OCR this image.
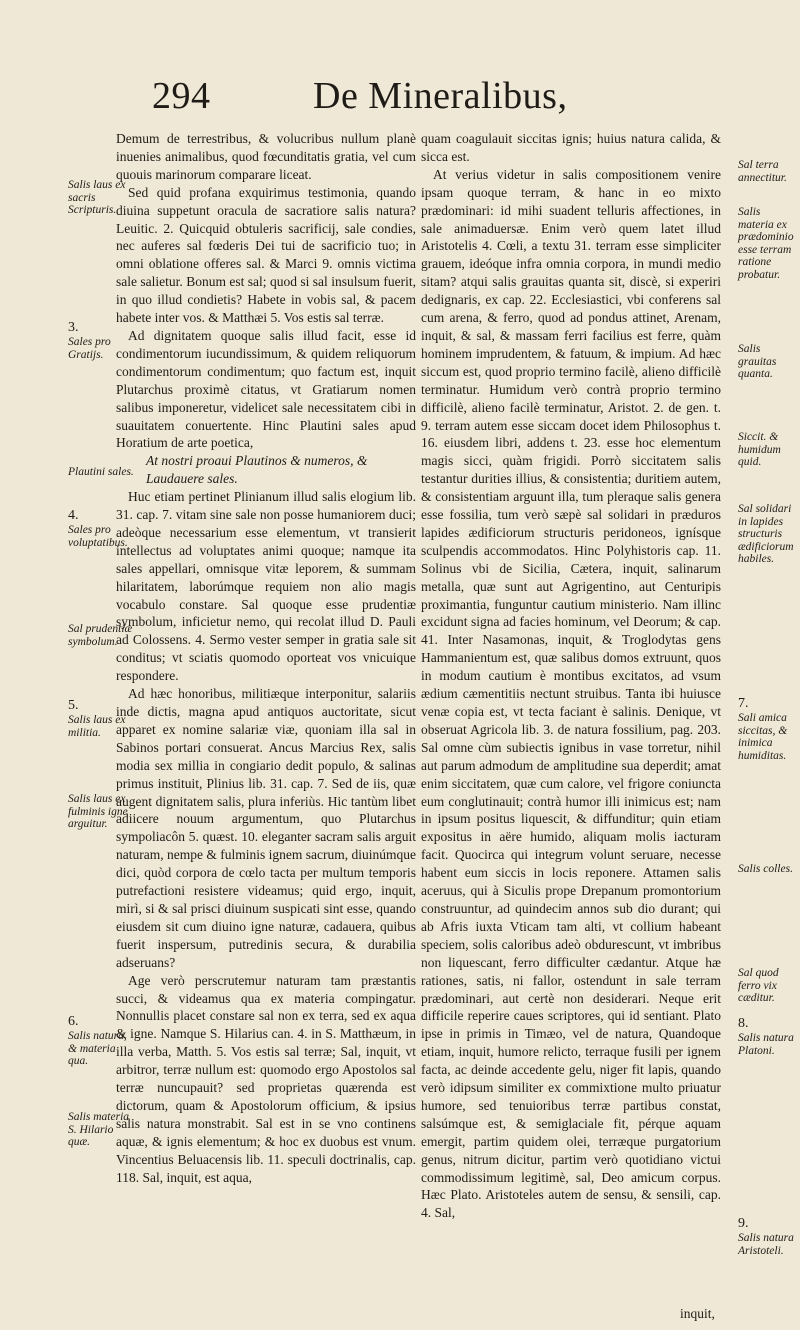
294	De Mineralibus,

Demum de terrestribus, & volucribus nullum planè inuenies animalibus, quod fœcunditatis gratia, vel cum quouis marinorum comparare liceat.

Sed quid profana exquirimus testimonia, quando diuina suppetunt oracula de sacratiore salis natura? Leuitic. 2. Quicquid obtuleris sacrificij, sale condies, nec auferes sal fœderis Dei tui de sacrificio tuo; in omni oblatione offeres sal. & Marci 9. omnis victima sale salietur. Bonum est sal; quod si sal insulsum fuerit, in quo illud condietis? Habete in vobis sal, & pacem habete inter vos. & Matthæi 5. Vos estis sal terræ.

Ad dignitatem quoque salis illud facit, esse id condimentorum iucundissimum, & quidem reliquorum condimentorum condimentum; quo factum est, inquit Plutarchus proximè citatus, vt Gratiarum nomen salibus imponeretur, videlicet sale necessitatem cibi in suauitatem conuertente. Hinc Plautini sales apud Horatium de arte poetica,

At nostri proaui Plautinos & numeros, &

Laudauere sales.

Huc etiam pertinet Plinianum illud salis elogium lib. 31. cap. 7. vitam sine sale non posse humaniorem duci; adeòque necessarium esse elementum, vt transierit intellectus ad voluptates animi quoque; namque ita sales appellari, omnisque vitæ leporem, & summam hilaritatem, laborúmque requiem non alio magis vocabulo constare. Sal quoque esse prudentiæ symbolum, inficietur nemo, qui recolat illud D. Pauli ad Colossens. 4. Sermo vester semper in gratia sale sit conditus; vt sciatis quomodo oporteat vos vnicuique respondere.

Ad hæc honoribus, militiæque interponitur, salariis inde dictis, magna apud antiquos auctoritate, sicut apparet ex nomine salariæ viæ, quoniam illa sal in Sabinos portari consuerat. Ancus Marcius Rex, salis modia sex millia in congiario dedit populo, & salinas primus instituit, Plinius lib. 31. cap. 7. Sed de iis, quæ augent dignitatem salis, plura inferiùs. Hic tantùm libet adiicere nouum argumentum, quo Plutarchus sympoliacôn 5. quæst. 10. eleganter sacram salis arguit naturam, nempe & fulminis ignem sacrum, diuinúmque dici, quòd corpora de cœlo tacta per multum temporis putrefactioni resistere videamus; quid ergo, inquit, mirì, si & sal prisci diuinum suspicati sint esse, quando eiusdem sit cum diuino igne naturæ, cadauera, quibus fuerit inspersum, putredinis secura, & durabilia adseruans?

Age verò perscrutemur naturam tam præstantis succi, & videamus qua ex materia compingatur. Nonnullis placet constare sal non ex terra, sed ex aqua & igne. Namque S. Hilarius can. 4. in S. Matthæum, in illa verba, Matth. 5. Vos estis sal terræ; Sal, inquit, vt arbitror, terræ nullum est: quomodo ergo Apostolos sal terræ nuncupauit? sed proprietas quærenda est dictorum, quam & Apostolorum officium, & ipsius salis natura monstrabit. Sal est in se vno continens aquæ, & ignis elementum; & hoc ex duobus est vnum. Vincentius Beluacensis lib. 11. speculi doctrinalis, cap. 118. Sal, inquit, est aqua,

quam coagulauit siccitas ignis; huius natura calida, & sicca est.

At verius videtur in salis compositionem venire ipsam quoque terram, & hanc in eo mixto prædominari: id mihi suadent telluris affectiones, in sale animaduersæ. Enim verò quem latet illud Aristotelis 4. Cœli, a textu 31. terram esse simpliciter grauem, ideóque infra omnia corpora, in mundi medio sitam? atqui salis grauitas quanta sit, discè, si experiri dedignaris, ex cap. 22. Ecclesiastici, vbi conferens sal cum arena, & ferro, quod ad pondus attinet, Arenam, inquit, & sal, & massam ferri facilius est ferre, quàm hominem imprudentem, & fatuum, & impium. Ad hæc siccum est, quod proprio termino facilè, alieno difficilè terminatur. Humidum verò contrà proprio termino difficilè, alieno facilè terminatur, Aristot. 2. de gen. t. 9. terram autem esse siccam docet idem Philosophus t. 16. eiusdem libri, addens t. 23. esse hoc elementum magis sicci, quàm frigidi. Porrò siccitatem salis testantur durities illius, & consistentia; duritiem autem, & consistentiam arguunt illa, tum pleraque salis genera esse fossilia, tum verò sæpè sal solidari in præduros lapides ædificiorum structuris peridoneos, ignísque sculpendis accommodatos. Hinc Polyhistoris cap. 11. Solinus vbi de Sicilia, Cætera, inquit, salinarum metalla, quæ sunt aut Agrigentino, aut Centuripis proximantia, funguntur cautium ministerio. Nam illinc excidunt signa ad facies hominum, vel Deorum; & cap. 41. Inter Nasamonas, inquit, & Troglodytas gens Hammanientum est, quæ salibus domos extruunt, quos in modum cautium è montibus excitatos, ad vsum ædium cæmentitiis nectunt struibus. Tanta ibi huiusce venæ copia est, vt tecta faciant è salinis. Denique, vt obseruat Agricola lib. 3. de natura fossilium, pag. 203. Sal omne cùm subiectis ignibus in vase torretur, nihil aut parum admodum de amplitudine sua deperdit; amat enim siccitatem, quæ cum calore, vel frigore coniuncta eum conglutinauit; contrà humor illi inimicus est; nam in ipsum positus liquescit, & diffunditur; quin etiam expositus in aëre humido, aliquam molis iacturam facit. Quocirca qui integrum volunt seruare, necesse habent eum siccis in locis reponere. Attamen salis aceruus, qui à Siculis prope Drepanum promontorium construuntur, ad quindecim annos sub dio durant; qui ab Afris iuxta Vticam tam alti, vt collium habeant speciem, solis caloribus adeò obdurescunt, vt imbribus non liquescant, ferro difficulter cædantur. Atque hæ rationes, satis, ni fallor, ostendunt in sale terram prædominari, aut certè non desiderari. Neque erit difficile reperire caues scriptores, qui id sentiant. Plato ipse in primis in Timæo, vel de natura, Quandoque etiam, inquit, humore relicto, terraque fusili per ignem facta, ac deinde accedente gelu, niger fit lapis, quando verò idipsum similiter ex commixtione multo priuatur humore, sed tenuioribus terræ partibus constat, salsúmque est, & semiglaciale fit, pérque aquam emergit, partim quidem olei, terræque purgatorium genus, nitrum dicitur, partim verò quotidiano victui commodissimum legitimè, sal, Deo amicum corpus. Hæc Plato. Aristoteles autem de sensu, & sensili, cap. 4. Sal,

Salis laus ex sacris Scripturis.
3.
Sales pro Gratijs.
Plautini sales.
4.
Sales pro voluptatibus.
Sal prudentiæ symbolum.
5.
Salis laus ex militia.
Salis laus ex fulminis igne arguitur.
6.
Salis natura, & materia qua.
Salis materia S. Hilario quæ.
Sal terra annectitur.
Salis materia ex prædominio esse terram ratione probatur.
Salis grauitas quanta.
Siccit. & humidum quid.
Sal solidari in lapides structuris ædificiorum habiles.
7.
Sali amica siccitas, & inimica humiditas.
Salis colles.
Sal quod ferro vix cæditur.
8.
Salis natura Platoni.
9.
Salis natura Aristoteli.
inquit,
